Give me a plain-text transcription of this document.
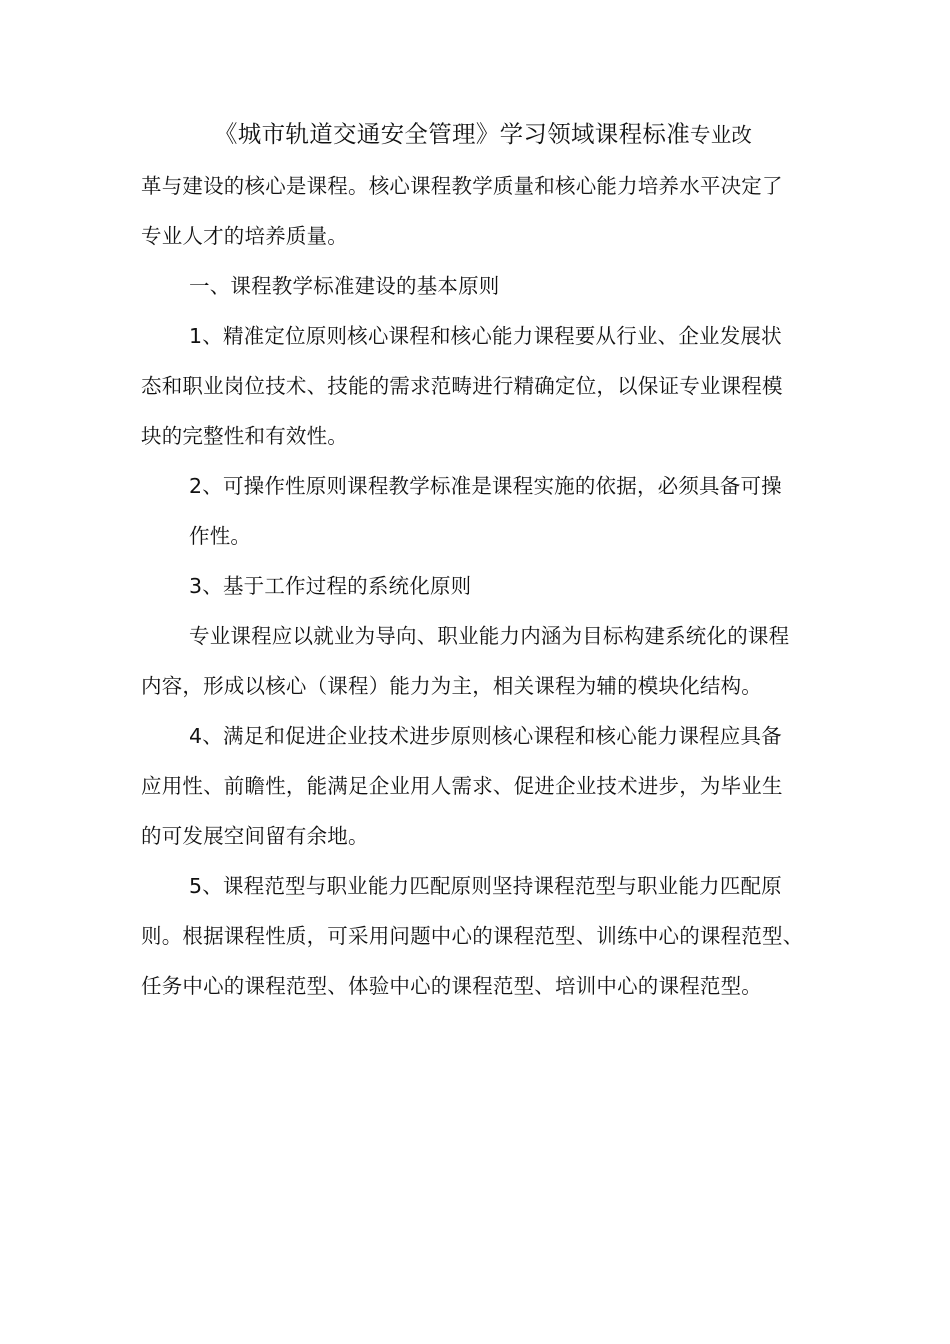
《城市轨道交通安全管理》学习领域课程标准专业改
革与建设的核心是课程。核心课程教学质量和核心能力培养水平决定了
专业人才的培养质量。
一、课程教学标准建设的基本原则
1、精准定位原则核心课程和核心能力课程要从行业、企业发展状
态和职业岗位技术、技能的需求范畴进行精确定位，以保证专业课程模
块的完整性和有效性。
2、可操作性原则课程教学标准是课程实施的依据，必须具备可操
作性。
3、基于工作过程的系统化原则
专业课程应以就业为导向、职业能力内涵为目标构建系统化的课程
内容，形成以核心（课程）能力为主，相关课程为辅的模块化结构。
4、满足和促进企业技术进步原则核心课程和核心能力课程应具备
应用性、前瞻性，能满足企业用人需求、促进企业技术进步，为毕业生
的可发展空间留有余地。
5、课程范型与职业能力匹配原则坚持课程范型与职业能力匹配原
则。根据课程性质，可采用问题中心的课程范型、训练中心的课程范型、
任务中心的课程范型、体验中心的课程范型、培训中心的课程范型。
